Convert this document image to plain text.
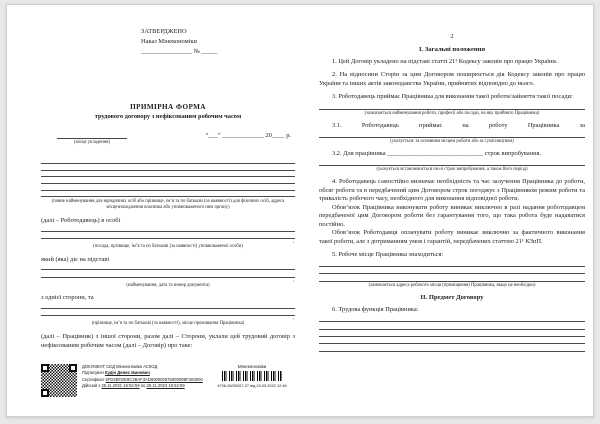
ЗАТВЕРДЖЕНО
Наказ Мінекономіки
________________ № _____
ПРИМІРНА ФОРМА
трудового договору з нефіксованим робочим часом
(місце укладення)
“___” _____________ 20____ р.
(повне найменування для юридичних осіб або прізвище, ім’я та по батькові (за наявності) для фізичних осіб, адреса місцезнаходження власника або уповноваженого ним органу)
(далі – Роботодавець) в особі
,
(посада, прізвище, ім’я та по батькові (за наявності) уповноваженої особи)
який (яка) діє на підставі
,
(найменування, дата та номер документа)
з однієї сторони, та
,
(прізвище, ім’я та по батькові (за наявності), місце проживання Працівника)
(далі – Працівник) з іншої сторони, разом далі – Сторони, уклали цей трудовий договір з нефіксованим робочим часом (далі – Договір) про таке:
ДОКУМЕНТ СЕД Мінекономіки АСКОД
Підписувач Кудін Денис Іванович
Сертифікат 6FD4BFDE9C2BAF3AD60000057500000BF283000
Дійсний з 25.11.2021 16:52:59 по 25.11.2023 16:52:59
Мінекономіки
4706-06/05267-07 від 15.09.2022 12:46
2
І. Загальні положення
1. Цей Договір укладено на підставі статті 21¹ Кодексу законів про працю України.
2. На відносини Сторін за цим Договором поширюється дія Кодексу законів про працю України та інших актів законодавства України, прийнятих відповідно до нього.
3. Роботодавець приймає Працівника для виконання такої роботи/зайняття такої посади:
(зазначається найменування роботи, професії або посади, на яку прийнято Працівника)
3.1. Роботодавець приймає на роботу Працівника за
(указується: за основним місцем роботи або за сумісництвом)
3.2. Для працівника ______________________________ строк випробування.
(указується встановлюється чи ні строк випробування, а також його період)
4. Роботодавець самостійно визначає необхідність та час залучення Працівника до роботи, обсяг роботи та в передбачений цим Договором строк погоджує з Працівником режим роботи та тривалість робочого часу, необхідного для виконання відповідної роботи.
Обов’язок Працівника виконувати роботу виникає виключно в разі надання роботодавцем передбаченої цим Договором роботи без гарантування того, що така робота буде надаватися постійно.
Обов’язок Роботодавця оплачувати роботу виникає виключно за фактичного виконання такої роботи, але з дотриманням умов і гарантій, передбачених статтею 21¹ КЗпП.
5. Робоче місце Працівника знаходиться:
(зазначається адреса робочого місця (приміщення) Працівника, якщо це необхідно)
ІІ. Предмет Договору
6. Трудова функція Працівника:
